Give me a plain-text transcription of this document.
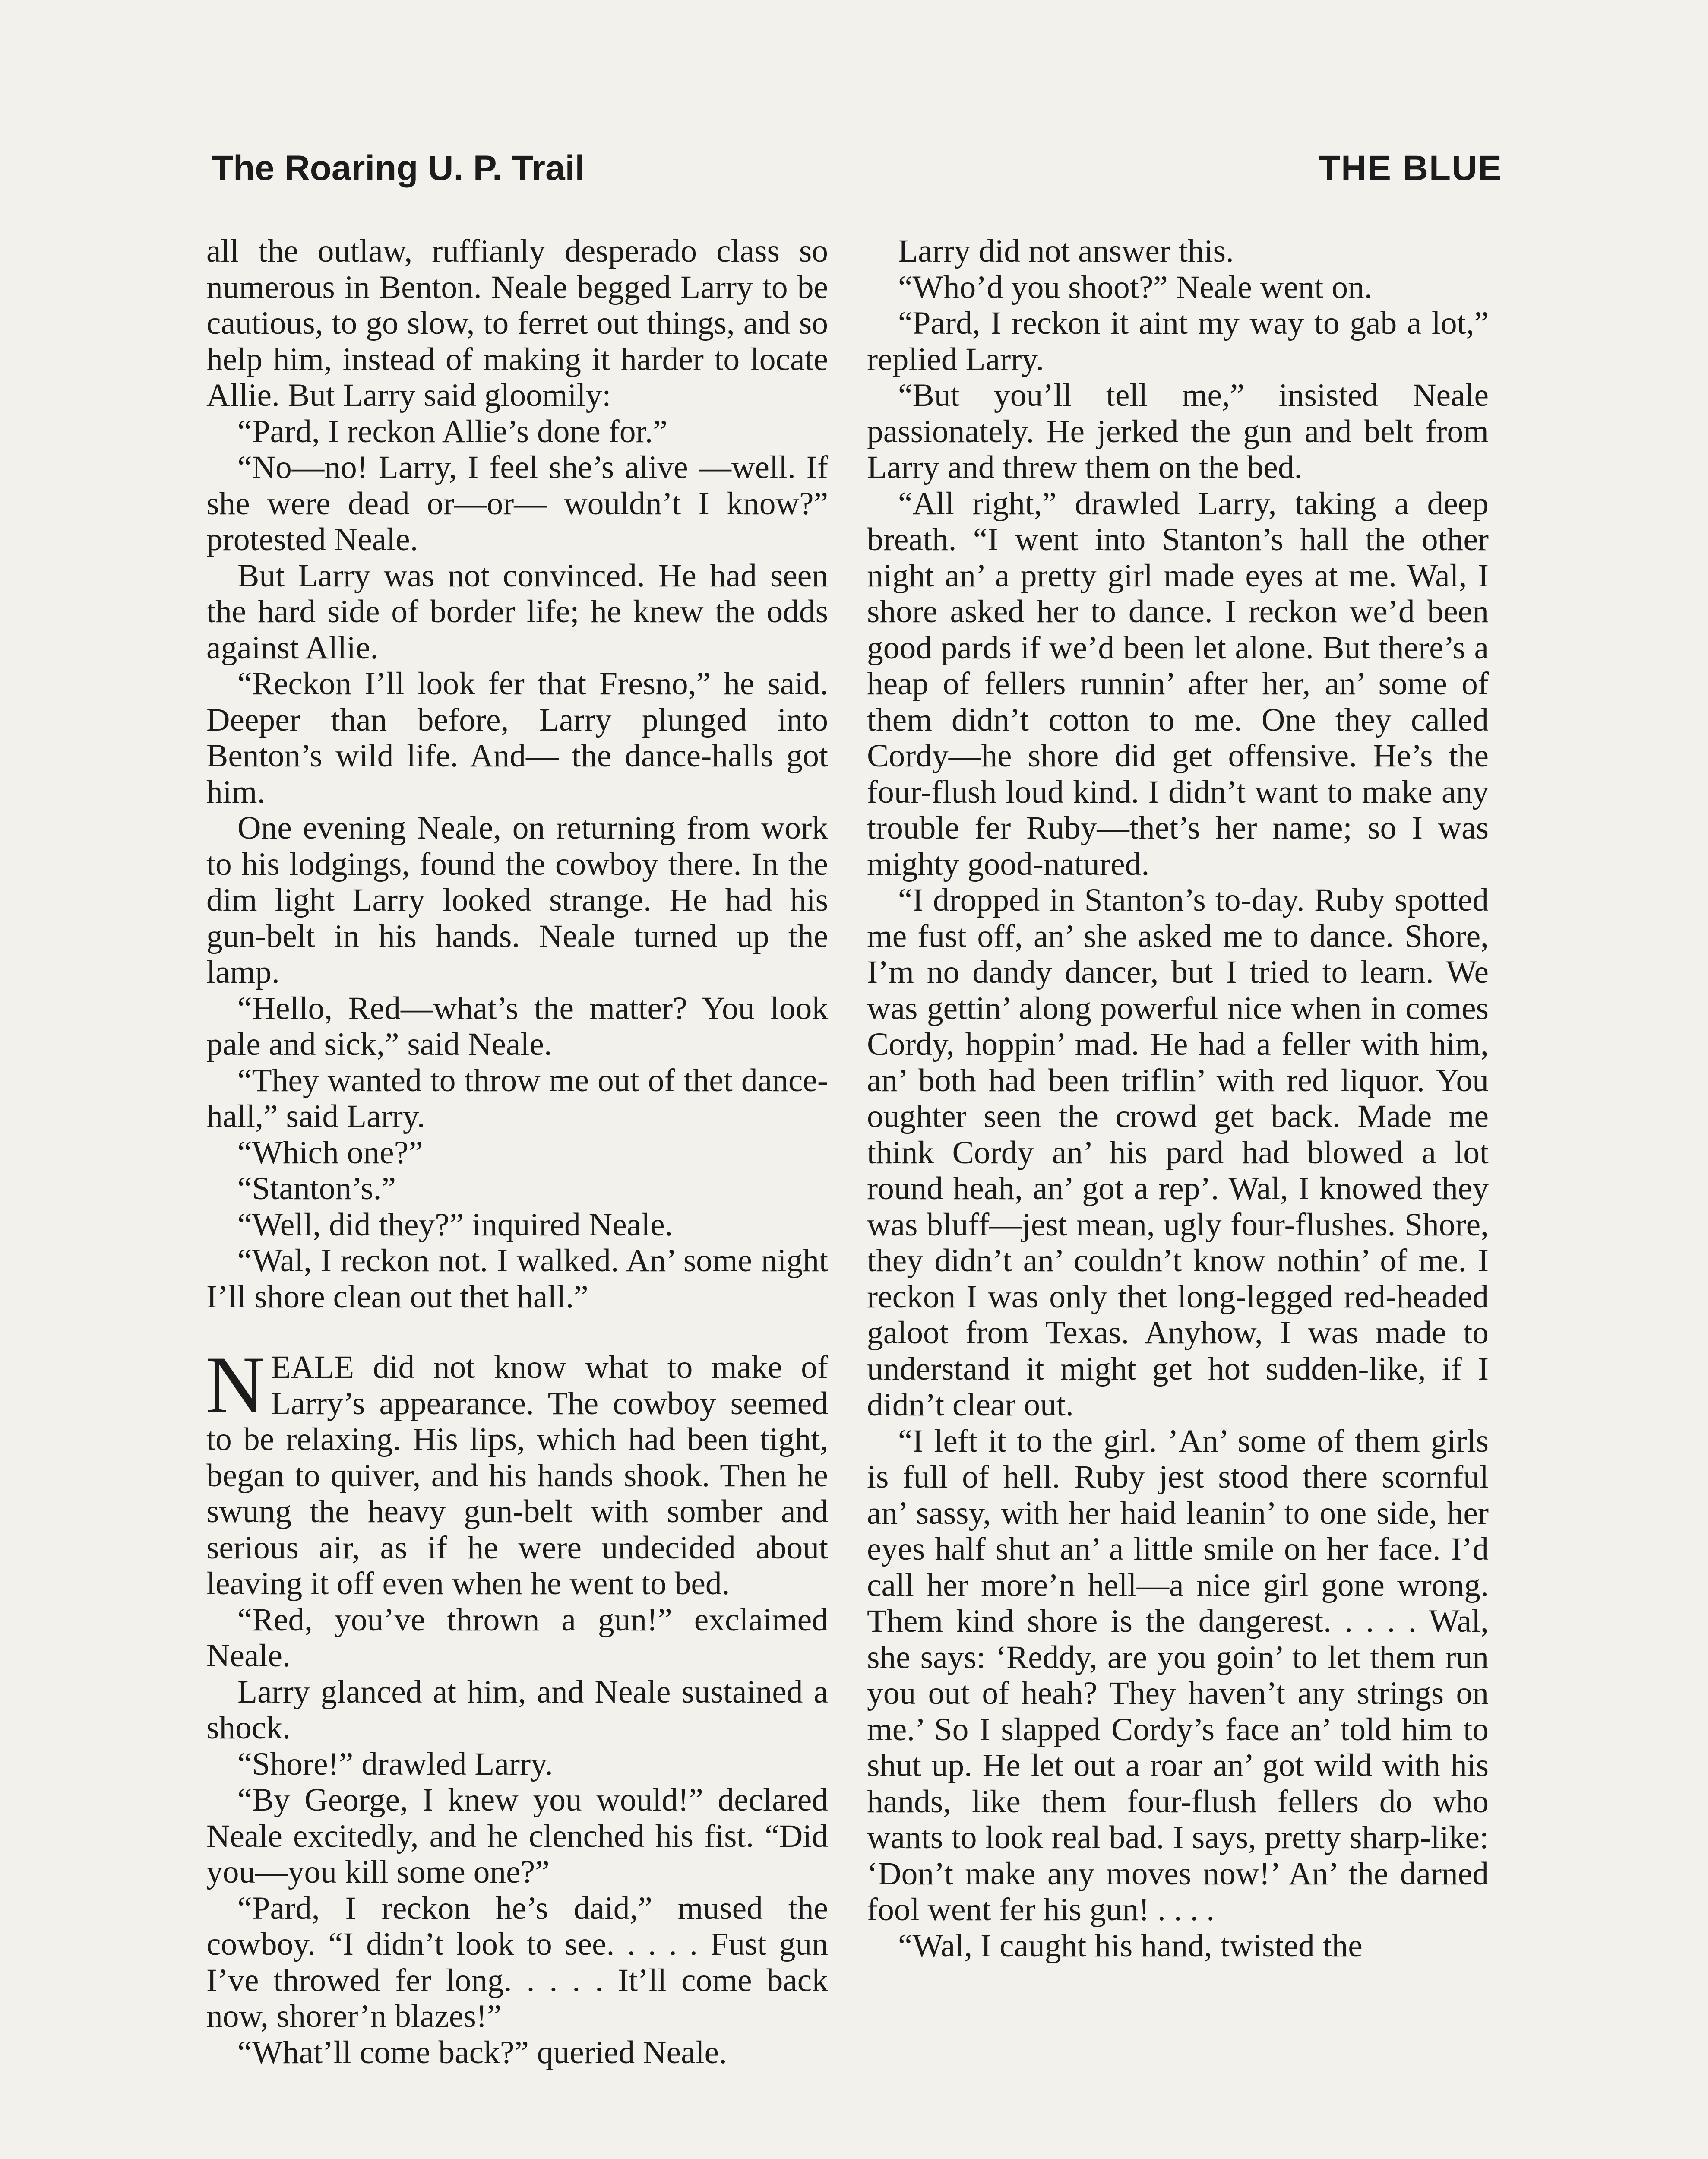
The Roaring U. P. Trail	THE BLUE

all the outlaw, ruffianly desperado class so numerous in Benton. Neale begged Larry to be cautious, to go slow, to ferret out things, and so help him, instead of making it harder to locate Allie. But Larry said gloomily:

“Pard, I reckon Allie’s done for.”

“No—no! Larry, I feel she’s alive —well. If she were dead or—or— wouldn’t I know?” protested Neale.

But Larry was not convinced. He had seen the hard side of border life; he knew the odds against Allie.

“Reckon I’ll look fer that Fresno,” he said. Deeper than before, Larry plunged into Benton’s wild life. And— the dance-halls got him.

One evening Neale, on returning from work to his lodgings, found the cowboy there. In the dim light Larry looked strange. He had his gun-belt in his hands. Neale turned up the lamp.

“Hello, Red—what’s the matter? You look pale and sick,” said Neale.

“They wanted to throw me out of thet dance-hall,” said Larry.

“Which one?”

“Stanton’s.”

“Well, did they?” inquired Neale.

“Wal, I reckon not. I walked. An’ some night I’ll shore clean out thet hall.”

NEALE did not know what to make of Larry’s appearance. The cowboy seemed to be relaxing. His lips, which had been tight, began to quiver, and his hands shook. Then he swung the heavy gun-belt with somber and serious air, as if he were undecided about leaving it off even when he went to bed.

“Red, you’ve thrown a gun!” exclaimed Neale.

Larry glanced at him, and Neale sustained a shock.

“Shore!” drawled Larry.

“By George, I knew you would!” declared Neale excitedly, and he clenched his fist. “Did you—you kill some one?”

“Pard, I reckon he’s daid,” mused the cowboy. “I didn’t look to see. . . . . Fust gun I’ve throwed fer long. . . . . It’ll come back now, shorer’n blazes!”

“What’ll come back?” queried Neale.

Larry did not answer this.

“Who’d you shoot?” Neale went on.

“Pard, I reckon it aint my way to gab a lot,” replied Larry.

“But you’ll tell me,” insisted Neale passionately. He jerked the gun and belt from Larry and threw them on the bed.

“All right,” drawled Larry, taking a deep breath. “I went into Stanton’s hall the other night an’ a pretty girl made eyes at me. Wal, I shore asked her to dance. I reckon we’d been good pards if we’d been let alone. But there’s a heap of fellers runnin’ after her, an’ some of them didn’t cotton to me. One they called Cordy—he shore did get offensive. He’s the four-flush loud kind. I didn’t want to make any trouble fer Ruby—thet’s her name; so I was mighty good-natured.

“I dropped in Stanton’s to-day. Ruby spotted me fust off, an’ she asked me to dance. Shore, I’m no dandy dancer, but I tried to learn. We was gettin’ along powerful nice when in comes Cordy, hoppin’ mad. He had a feller with him, an’ both had been triflin’ with red liquor. You oughter seen the crowd get back. Made me think Cordy an’ his pard had blowed a lot round heah, an’ got a rep’. Wal, I knowed they was bluff—jest mean, ugly four-flushes. Shore, they didn’t an’ couldn’t know nothin’ of me. I reckon I was only thet long-legged red-headed galoot from Texas. Anyhow, I was made to understand it might get hot sudden-like, if I didn’t clear out.

“I left it to the girl. ’An’ some of them girls is full of hell. Ruby jest stood there scornful an’ sassy, with her haid leanin’ to one side, her eyes half shut an’ a little smile on her face. I’d call her more’n hell—a nice girl gone wrong. Them kind shore is the dangerest. . . . . Wal, she says: ‘Reddy, are you goin’ to let them run you out of heah? They haven’t any strings on me.’ So I slapped Cordy’s face an’ told him to shut up. He let out a roar an’ got wild with his hands, like them four-flush fellers do who wants to look real bad. I says, pretty sharp-like: ‘Don’t make any moves now!’ An’ the darned fool went fer his gun! . . . .

“Wal, I caught his hand, twisted the
